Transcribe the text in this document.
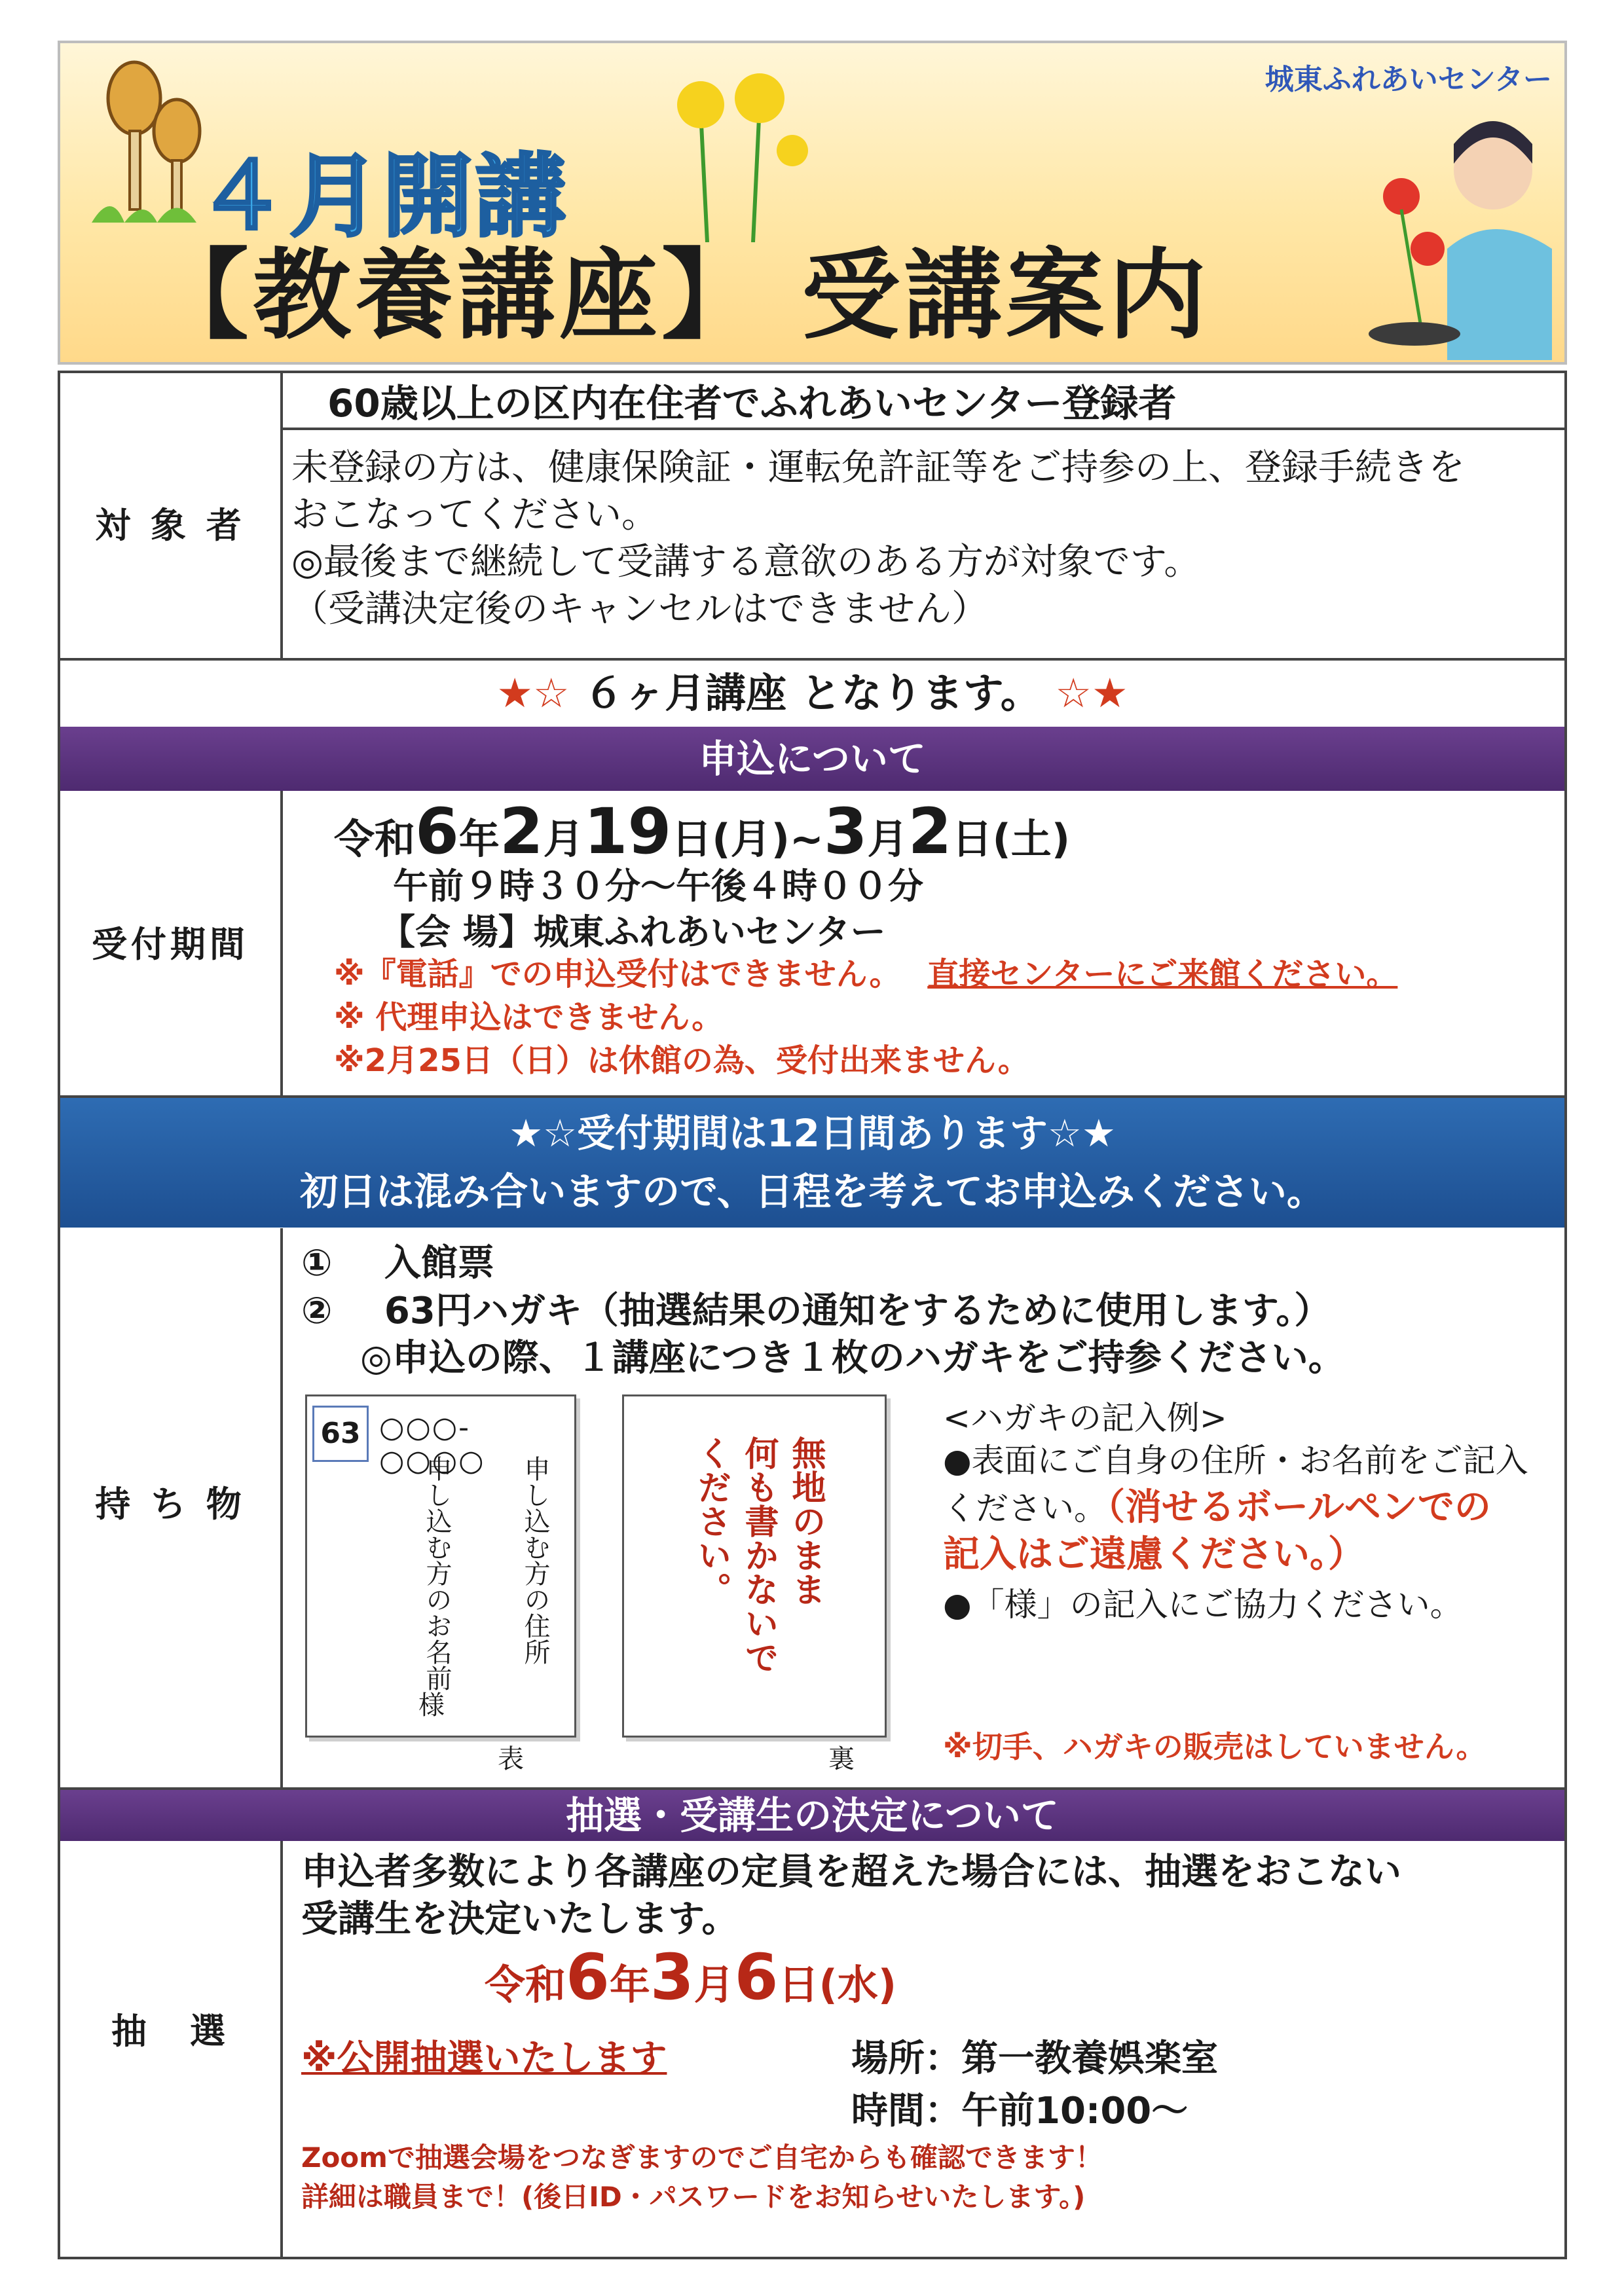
城東ふれあいセンター
４月開講
【教養講座】 受講案内
対 象 者
60歳以上の区内在住者でふれあいセンター登録者
未登録の方は、健康保険証・運転免許証等をご持参の上、登録手続きを
おこなってください。
◎最後まで継続して受講する意欲のある方が対象です。
（受講決定後のキャンセルはできません）
★☆ ６ヶ月講座 となります。 ☆★
申込について
受付期間
令和6年2月19日(月)~3月2日(土)
午前９時３０分～午後４時００分
【会 場】城東ふれあいセンター
※『電話』での申込受付はできません。 直接センターにご来館ください。
※ 代理申込はできません。
※2月25日（日）は休館の為、受付出来ません。
★☆受付期間は12日間あります☆★
初日は混み合いますので、日程を考えてお申込みください。
持 ち 物
① 入館票
② 63円ハガキ（抽選結果の通知をするために使用します。）
◎申込の際、１講座につき１枚のハガキをご持参ください。
63 ○○○-○○○○	申し込む方の住所
申し込む方のお名前
様
表
無地のまま
何も書かないで
ください。
裏
<ハガキの記入例>
●表面にご自身の住所・お名前をご記入
ください。（消せるボールペンでの
記入はご遠慮ください。）
●「様」の記入にご協力ください。
※切手、ハガキの販売はしていません。
抽選・受講生の決定について
抽　選
申込者多数により各講座の定員を超えた場合には、抽選をおこない
受講生を決定いたします。
令和6年3月6日(水)
※公開抽選いたします	場所：第一教養娯楽室
時間：午前10:00～
Zoomで抽選会場をつなぎますのでご自宅からも確認できます！
詳細は職員まで！(後日ID・パスワードをお知らせいたします。)
